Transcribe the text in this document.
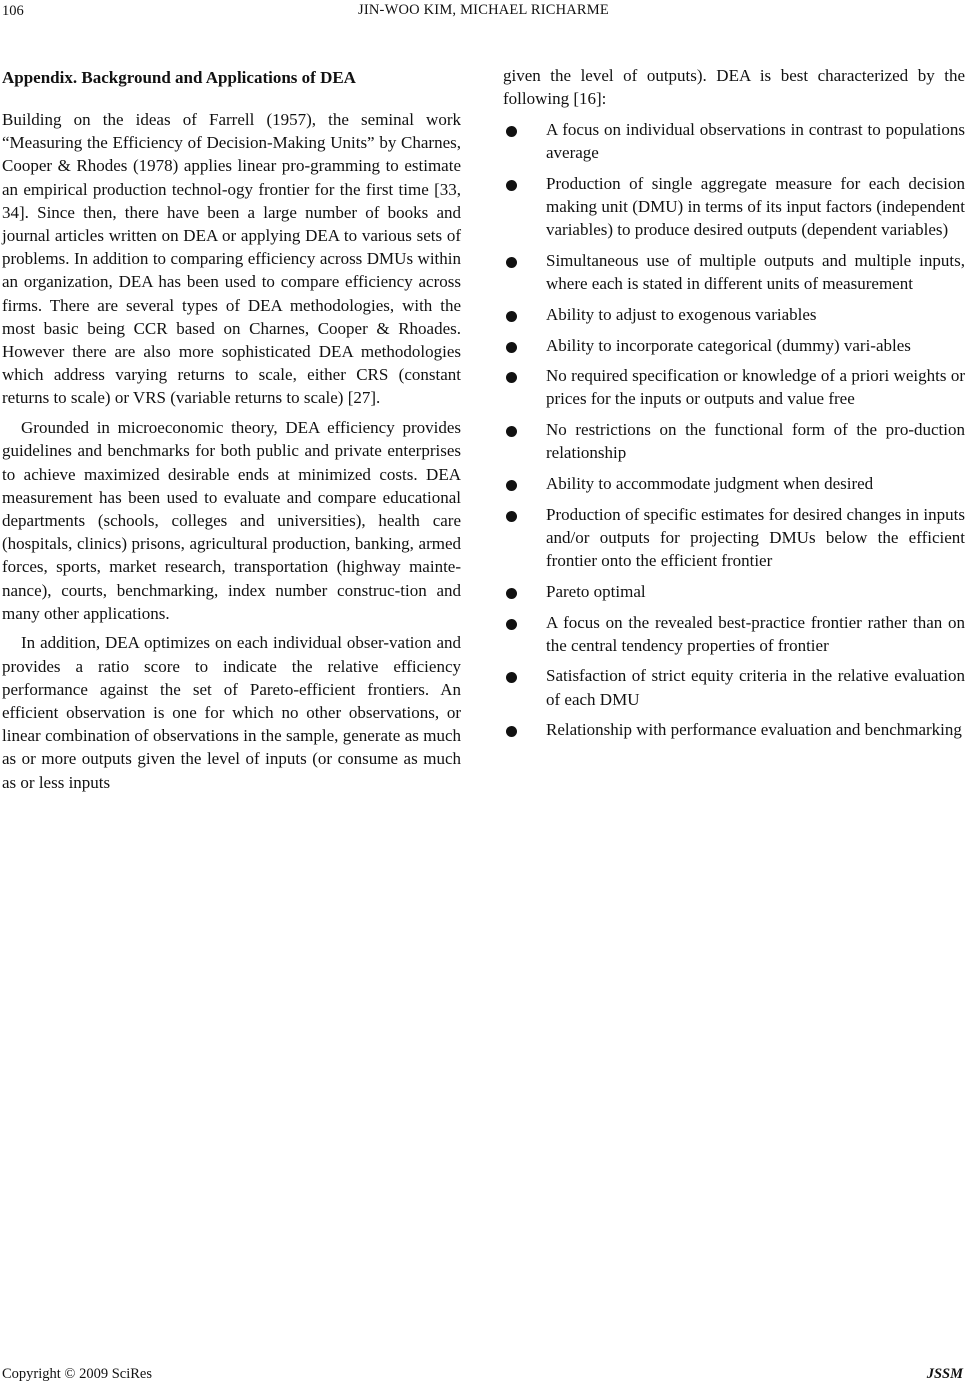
106	JIN-WOO KIM, MICHAEL RICHARME
Appendix. Background and Applications of DEA

Building on the ideas of Farrell (1957), the seminal work “Measuring the Efficiency of Decision-Making Units” by Charnes, Cooper & Rhodes (1978) applies linear pro-gramming to estimate an empirical production technol-ogy frontier for the first time [33, 34]. Since then, there have been a large number of books and journal articles written on DEA or applying DEA to various sets of problems. In addition to comparing efficiency across DMUs within an organization, DEA has been used to compare efficiency across firms. There are several types of DEA methodologies, with the most basic being CCR based on Charnes, Cooper & Rhoades. However there are also more sophisticated DEA methodologies which address varying returns to scale, either CRS (constant returns to scale) or VRS (variable returns to scale) [27].

Grounded in microeconomic theory, DEA efficiency provides guidelines and benchmarks for both public and private enterprises to achieve maximized desirable ends at minimized costs. DEA measurement has been used to evaluate and compare educational departments (schools, colleges and universities), health care (hospitals, clinics) prisons, agricultural production, banking, armed forces, sports, market research, transportation (highway mainte-nance), courts, benchmarking, index number construc-tion and many other applications.

In addition, DEA optimizes on each individual obser-vation and provides a ratio score to indicate the relative efficiency performance against the set of Pareto-efficient frontiers. An efficient observation is one for which no other observations, or linear combination of observations in the sample, generate as much as or more outputs given the level of inputs (or consume as much as or less inputs

given the level of outputs). DEA is best characterized by the following [16]:

A focus on individual observations in contrast to populations average
Production of single aggregate measure for each decision making unit (DMU) in terms of its input factors (independent variables) to produce desired outputs (dependent variables)
Simultaneous use of multiple outputs and multiple inputs, where each is stated in different units of measurement
Ability to adjust to exogenous variables
Ability to incorporate categorical (dummy) vari-ables
No required specification or knowledge of a priori weights or prices for the inputs or outputs and value free
No restrictions on the functional form of the pro-duction relationship
Ability to accommodate judgment when desired
Production of specific estimates for desired changes in inputs and/or outputs for projecting DMUs below the efficient frontier onto the efficient frontier
Pareto optimal
A focus on the revealed best-practice frontier rather than on the central tendency properties of frontier
Satisfaction of strict equity criteria in the relative evaluation of each DMU
Relationship with performance evaluation and benchmarking
Copyright © 2009 SciRes	JSSM
